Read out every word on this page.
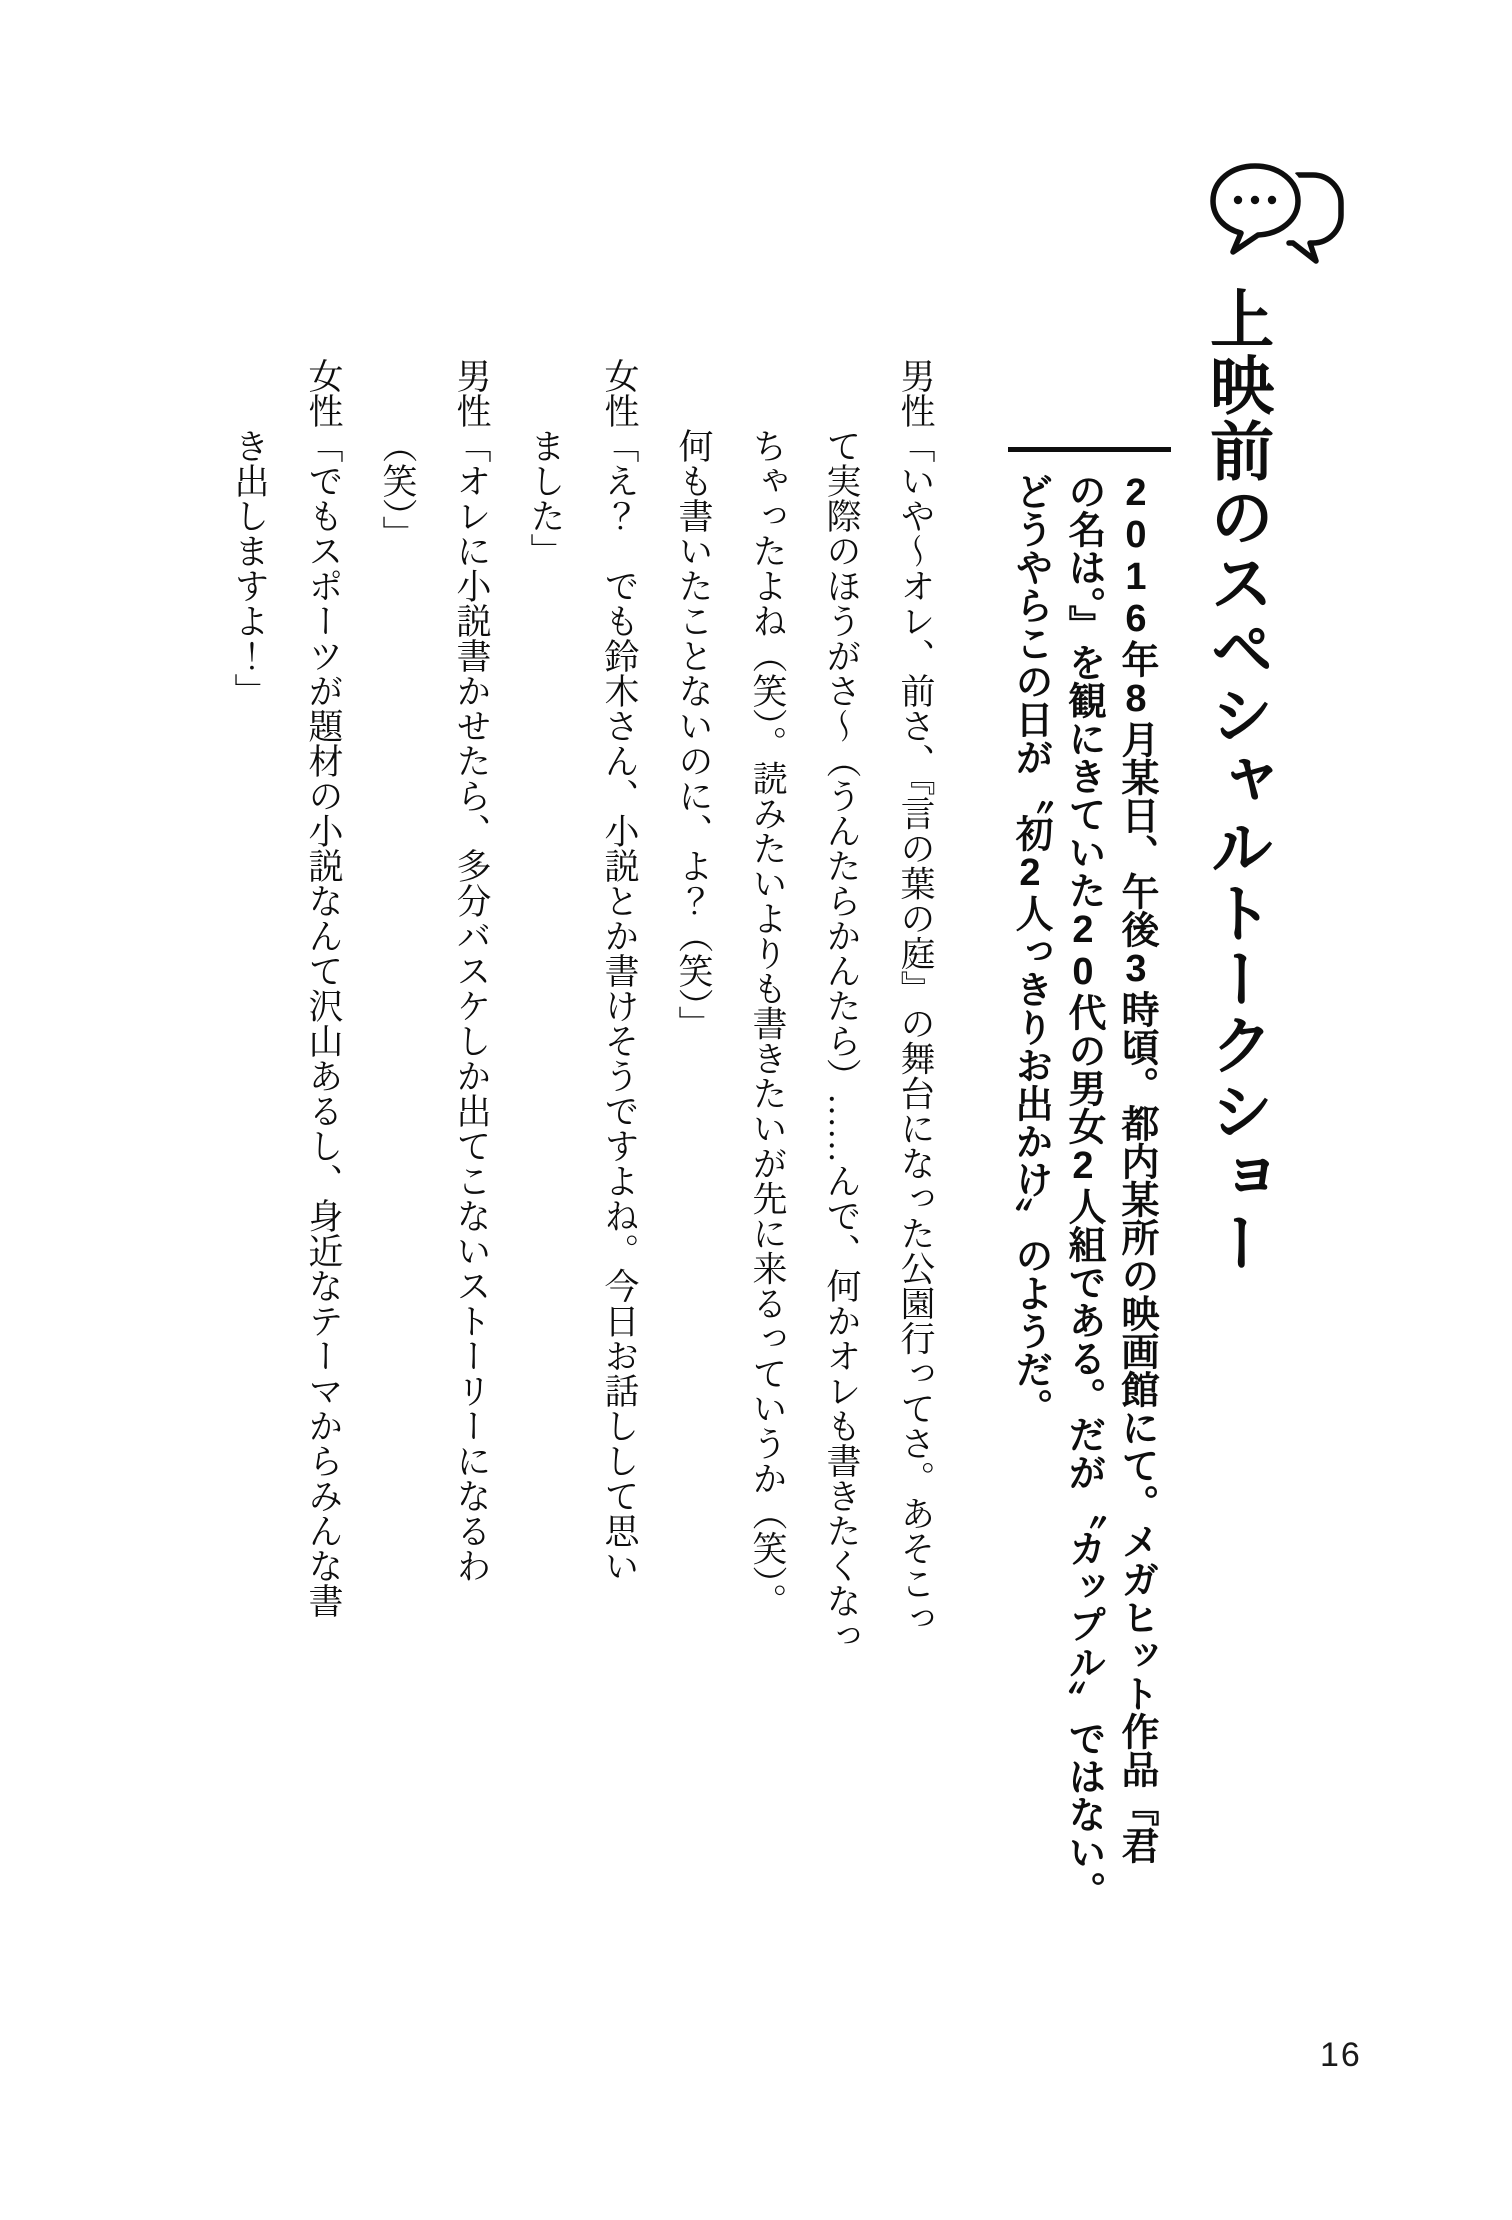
上映前のスペシャルトークショー
2016年8月某日、午後3時頃。都内某所の映画館にて。メガヒット作品『君
の名は。』を観にきていた20代の男女2人組である。だが〝カップル〟ではない。
どうやらこの日が〝初2人っきりお出かけ〟のようだ。
男性「いや〜オレ、前さ、『言の葉の庭』の舞台になった公園行ってさ。あそこっ
て実際のほうがさ〜（うんたらかんたら）……んで、何かオレも書きたくなっ
ちゃったよね（笑）。読みたいよりも書きたいが先に来るっていうか（笑）。
何も書いたことないのに、よ？（笑）」
女性「え？　でも鈴木さん、小説とか書けそうですよね。今日お話しして思い
ました」
男性「オレに小説書かせたら、多分バスケしか出てこないストーリーになるわ
（笑）」
女性「でもスポーツが題材の小説なんて沢山あるし、身近なテーマからみんな書
き出しますよ！」
16
